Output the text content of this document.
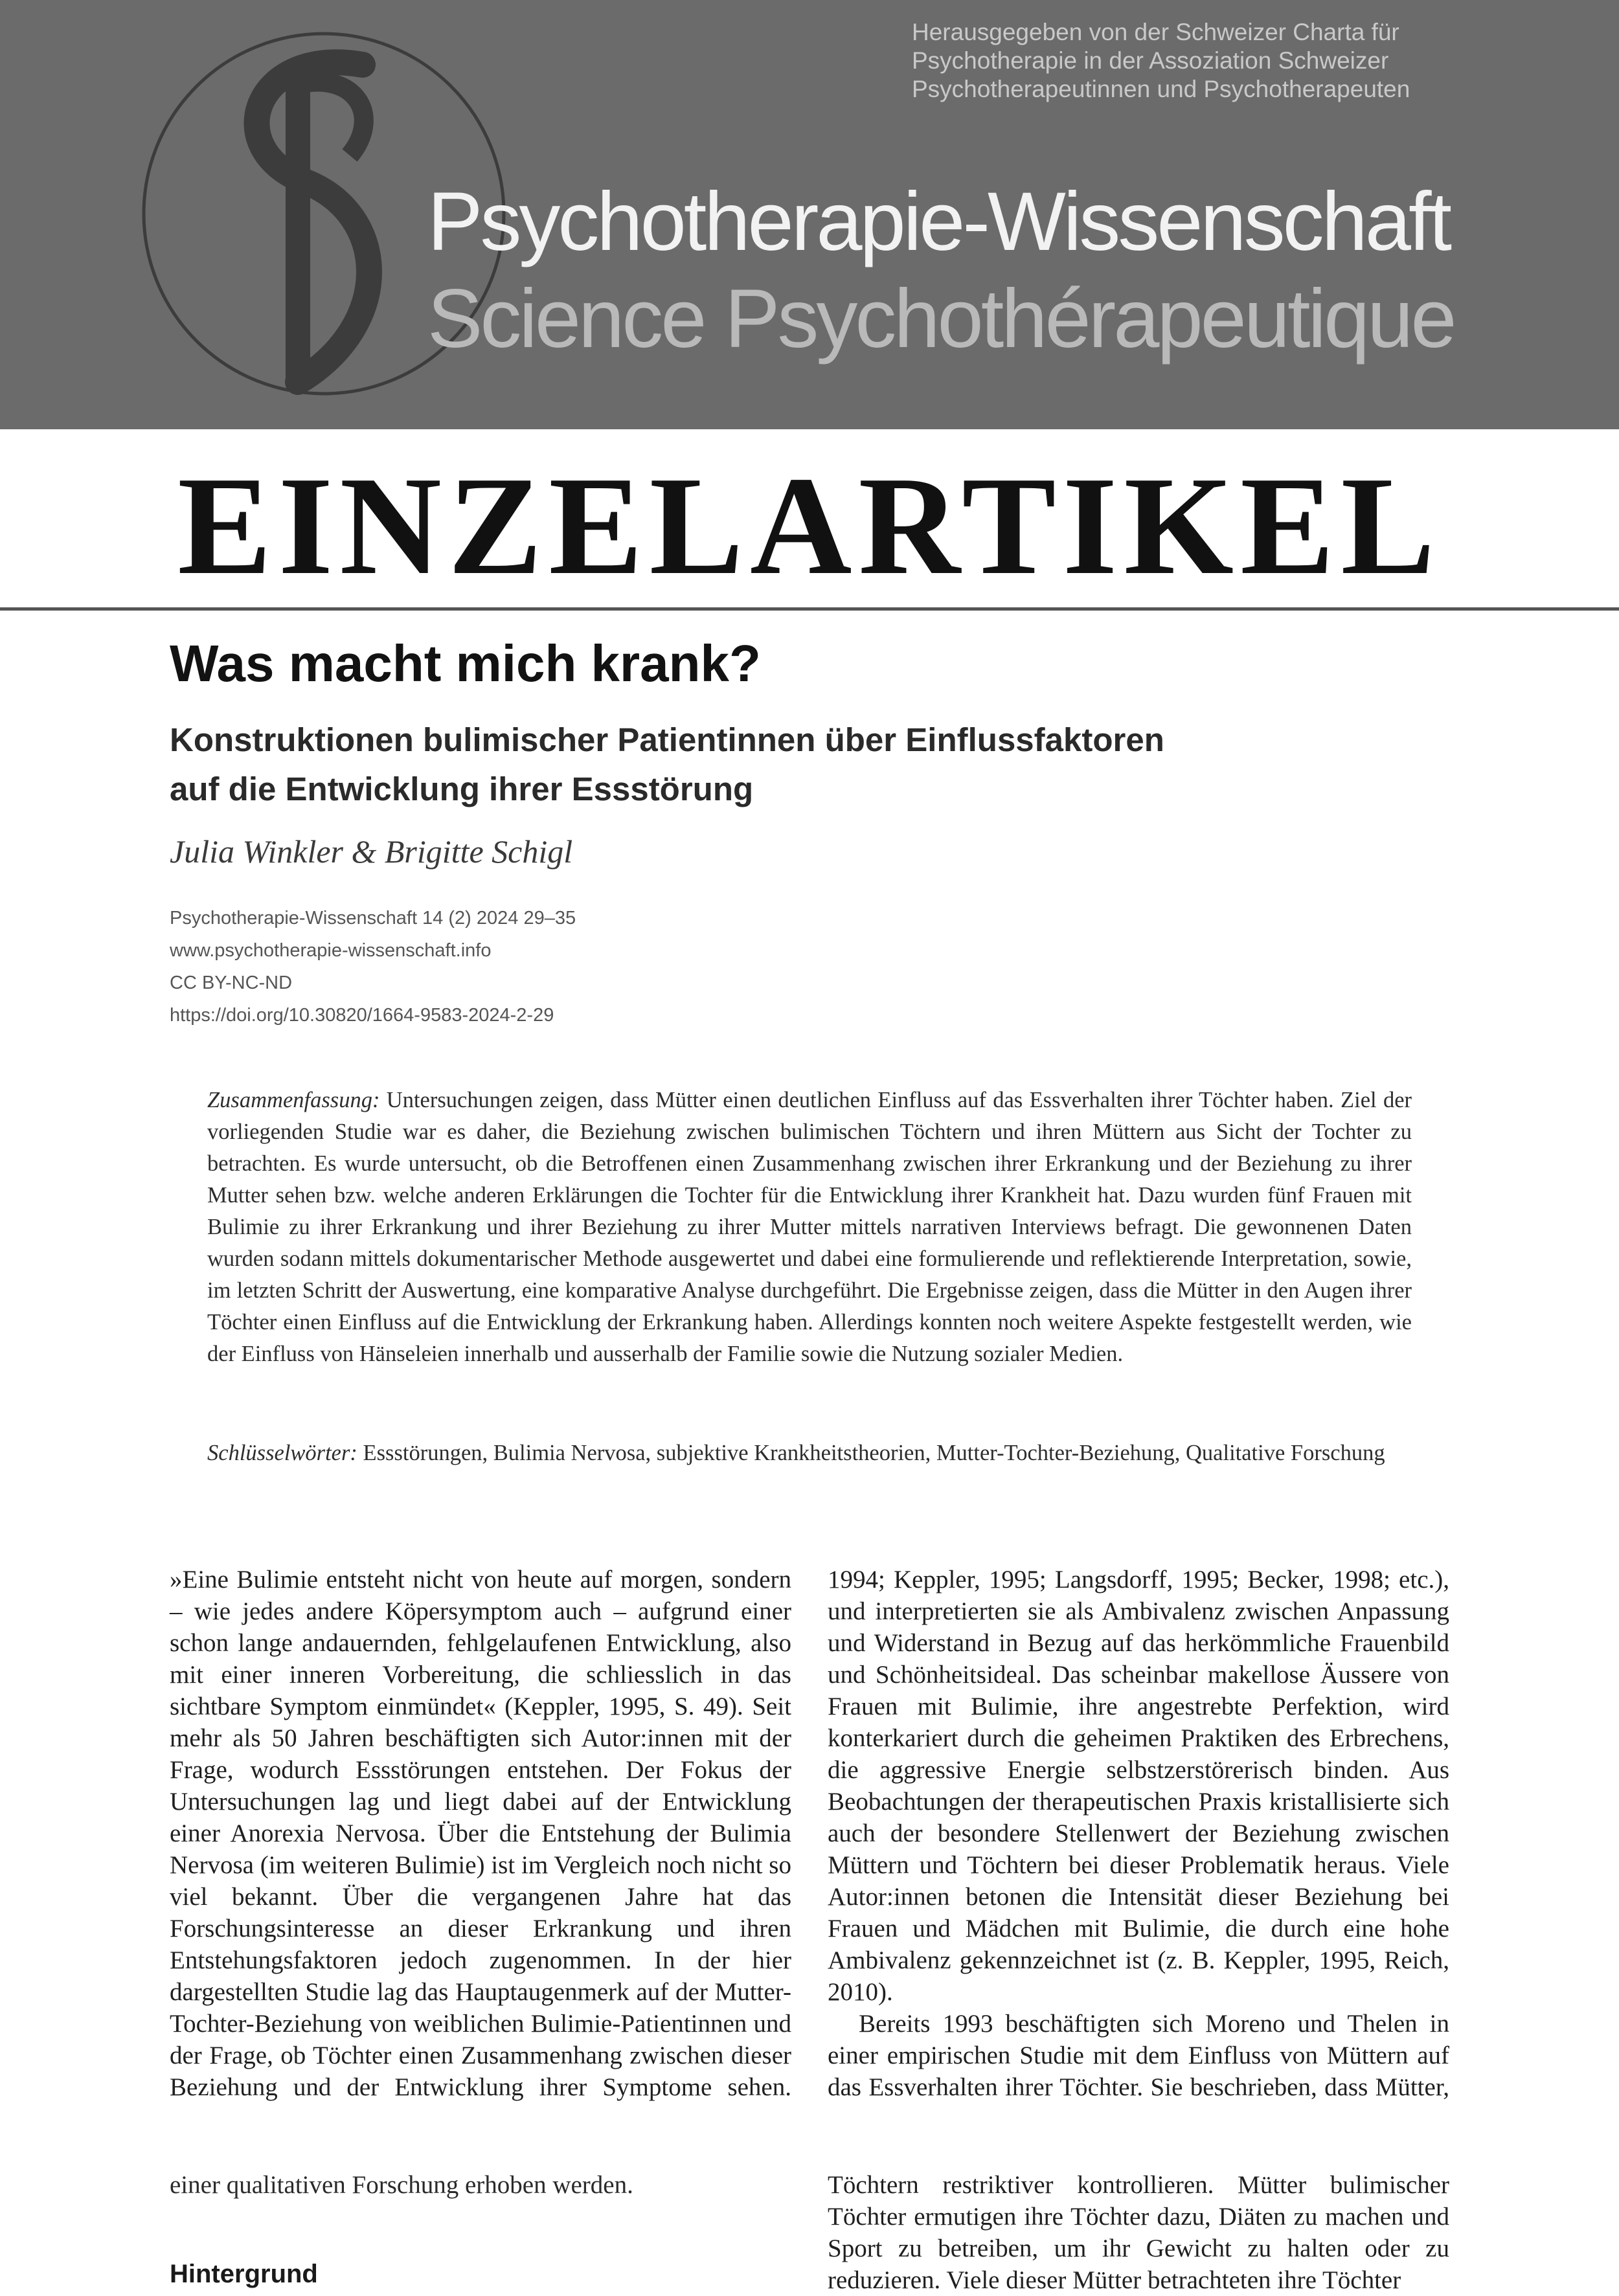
Herausgegeben von der Schweizer Charta für
Psychotherapie in der Assoziation Schweizer
Psychotherapeutinnen und Psychotherapeuten
Psychotherapie-Wissenschaft
Science Psychothérapeutique
EINZELARTIKEL
Was macht mich krank?
Konstruktionen bulimischer Patientinnen über Einflussfaktoren
auf die Entwicklung ihrer Essstörung
Julia Winkler & Brigitte Schigl
Psychotherapie-Wissenschaft 14 (2) 2024 29–35
www.psychotherapie-wissenschaft.info
CC BY-NC-ND
https://doi.org/10.30820/1664-9583-2024-2-29
Zusammenfassung: Untersuchungen zeigen, dass Mütter einen deutlichen Einfluss auf das Essverhalten ihrer Töchter haben. Ziel der vorliegenden Studie war es daher, die Beziehung zwischen bulimischen Töchtern und ihren Müttern aus Sicht der Tochter zu betrachten. Es wurde untersucht, ob die Betroffenen einen Zusammenhang zwischen ihrer Erkrankung und der Beziehung zu ihrer Mutter sehen bzw. welche anderen Erklärungen die Tochter für die Entwicklung ihrer Krankheit hat. Dazu wurden fünf Frauen mit Bulimie zu ihrer Erkrankung und ihrer Beziehung zu ihrer Mutter mittels narrativen Interviews befragt. Die gewonnenen Daten wurden sodann mittels dokumentarischer Methode ausgewertet und dabei eine formulierende und reflektierende Interpretation, sowie, im letzten Schritt der Auswertung, eine komparative Analyse durchgeführt. Die Ergebnisse zeigen, dass die Mütter in den Augen ihrer Töchter einen Einfluss auf die Entwicklung der Erkrankung haben. Allerdings konnten noch weitere Aspekte festgestellt werden, wie der Einfluss von Hänseleien innerhalb und ausserhalb der Familie sowie die Nutzung sozialer Medien.
Schlüsselwörter: Essstörungen, Bulimia Nervosa, subjektive Krankheitstheorien, Mutter-Tochter-Beziehung, Qualitative Forschung

»Eine Bulimie entsteht nicht von heute auf morgen, sondern – wie jedes andere Köpersymptom auch – aufgrund einer schon lange andauernden, fehlgelaufenen Entwicklung, also mit einer inneren Vorbereitung, die schliesslich in das sichtbare Symptom einmündet« (Keppler, 1995, S. 49). Seit mehr als 50 Jahren beschäftigten sich Autor:innen mit der Frage, wodurch Essstörungen entstehen. Der Fokus der Untersuchungen lag und liegt dabei auf der Entwicklung einer Anorexia Nervosa. Über die Entstehung der Bulimia Nervosa (im weiteren Bulimie) ist im Vergleich noch nicht so viel bekannt. Über die vergangenen Jahre hat das Forschungsinteresse an dieser Erkrankung und ihren Entstehungsfaktoren jedoch zugenommen. In der hier dargestellten Studie lag das Hauptaugenmerk auf der Mutter-Tochter-Beziehung von weiblichen Bulimie-Patientinnen und der Frage, ob Töchter einen Zusammenhang zwischen dieser Beziehung und der Entwicklung ihrer Symptome sehen.

1994; Keppler, 1995; Langsdorff, 1995; Becker, 1998; etc.), und interpretierten sie als Ambivalenz zwischen Anpassung und Widerstand in Bezug auf das herkömmliche Frauenbild und Schönheitsideal. Das scheinbar makellose Äussere von Frauen mit Bulimie, ihre angestrebte Perfektion, wird konterkariert durch die geheimen Praktiken des Erbrechens, die aggressive Energie selbstzerstörerisch binden. Aus Beobachtungen der therapeutischen Praxis kristallisierte sich auch der besondere Stellenwert der Beziehung zwischen Müttern und Töchtern bei dieser Problematik heraus. Viele Autor:innen betonen die Intensität dieser Beziehung bei Frauen und Mädchen mit Bulimie, die durch eine hohe Ambivalenz gekennzeichnet ist (z. B. Keppler, 1995, Reich, 2010).

Bereits 1993 beschäftigten sich Moreno und Thelen in einer empirischen Studie mit dem Einfluss von Müttern auf das Essverhalten ihrer Töchter. Sie beschrieben, dass Mütter,

einer qualitativen Forschung erhoben werden.
Hintergrund
Töchtern restriktiver kontrollieren. Mütter bulimischer Töchter ermutigen ihre Töchter dazu, Diäten zu machen und Sport zu betreiben, um ihr Gewicht zu halten oder zu reduzieren. Viele dieser Mütter betrachteten ihre Töchter
